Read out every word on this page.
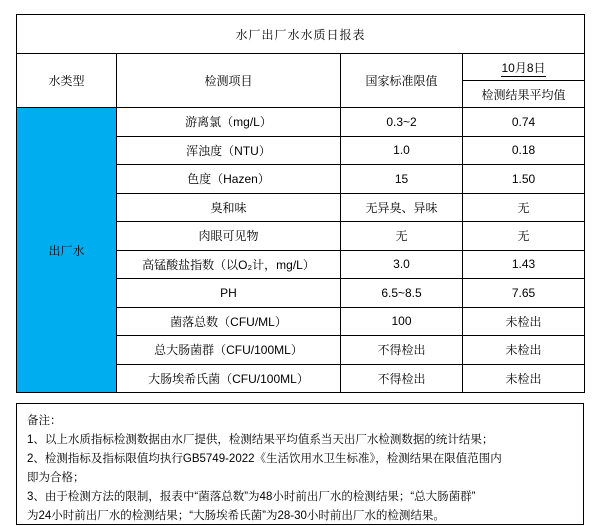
水厂出厂水水质日报表			
水类型	检测项目	国家标准限值	10月8日
			检测结果平均值
出厂水	游离氯（mg/L）	0.3~2	0.74
	浑浊度（NTU）	1.0	0.18
	色度（Hazen）	15	1.50
	臭和味	无异臭、异味	无
	肉眼可见物	无	无
	高锰酸盐指数（以O₂计，mg/L）	3.0	1.43
	PH	6.5~8.5	7.65
	菌落总数（CFU/ML）	100	未检出
	总大肠菌群（CFU/100ML）	不得检出	未检出
	大肠埃希氏菌（CFU/100ML）	不得检出	未检出
备注：
1、以上水质指标检测数据由水厂提供，检测结果平均值系当天出厂水检测数据的统计结果；
2、检测指标及指标限值均执行GB5749-2022《生活饮用水卫生标准》，检测结果在限值范围内
即为合格；
3、由于检测方法的限制，报表中“菌落总数”为48小时前出厂水的检测结果；“总大肠菌群”
为24小时前出厂水的检测结果；“大肠埃希氏菌”为28-30小时前出厂水的检测结果。
